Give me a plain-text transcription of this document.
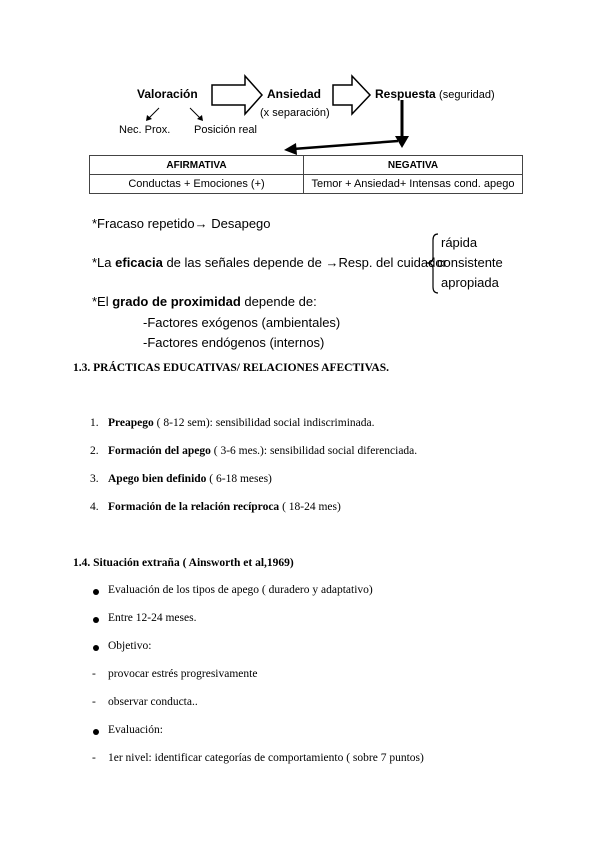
Valoración	Ansiedad	Respuesta (seguridad)
(x separación)
Nec. Prox. Posición real
AFIRMATIVA	NEGATIVA
Conductas + Emociones (+)	Temor + Ansiedad+ Intensas cond. apego
*Fracaso repetido→ Desapego
*La eficacia de las señales depende de →Resp. del cuidador
rápida
consistente
apropiada
*El grado de proximidad depende de:
-Factores exógenos (ambientales)
-Factores endógenos (internos)
1.3. PRÁCTICAS EDUCATIVAS/ RELACIONES AFECTIVAS.
1. Preapego ( 8-12 sem): sensibilidad social indiscriminada.
2. Formación del apego ( 3-6 mes.): sensibilidad social diferenciada.
3. Apego bien definido ( 6-18 meses)
4. Formación de la relación recíproca ( 18-24 mes)
1.4. Situación extraña ( Ainsworth et al,1969)
Evaluación de los tipos de apego ( duradero y adaptativo)
Entre 12-24 meses.
Objetivo:
- provocar estrés progresivamente
- observar conducta..
Evaluación:
- 1er nivel: identificar categorías de comportamiento ( sobre 7 puntos)
